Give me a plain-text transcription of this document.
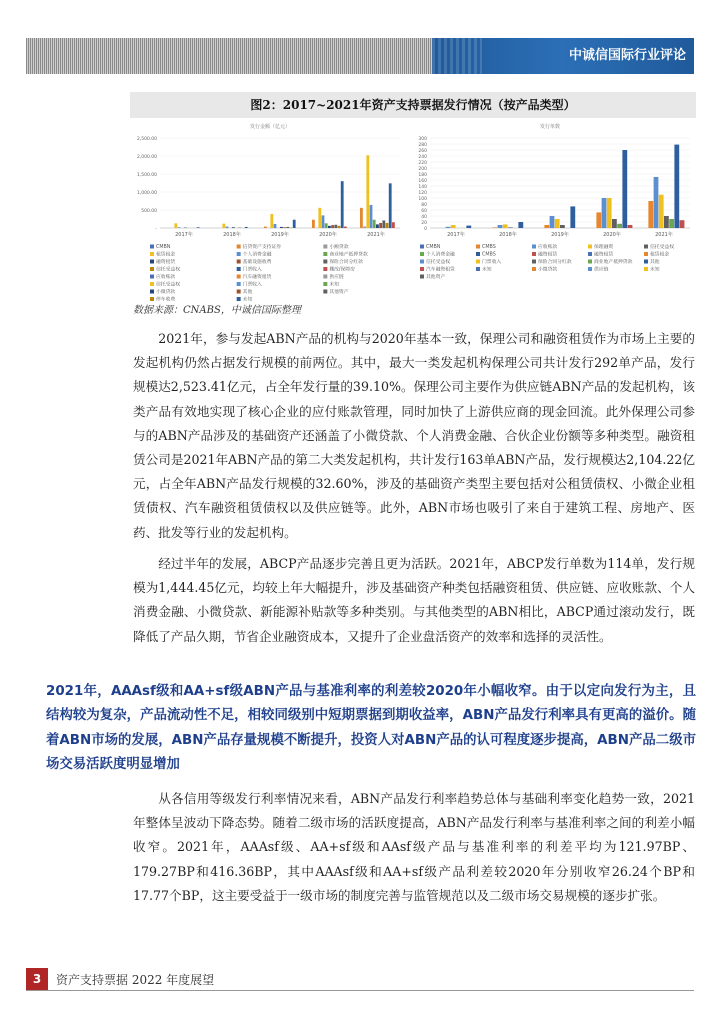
中诚信国际行业评论
图2：2017~2021年资产支持票据发行情况（按产品类型）
发行金额（亿元）
2,500.00
2,000.00
1,500.00
1,000.00
500.00
-
2017年	2018年	2019年	2020年	2021年
CMBN	信贷资产支持证券	小额贷款
租赁租金	个人消费金融	商业地产抵押贷款
融资租赁	基础设施收费	保险合同分红款
信托受益权	门票收入	棚改/保障房
应收账款	汽车融资租赁	供应链
信托受益权	门票收入	未知
小微贷款	其他	其他资产
停车收费	未知
发行单数
300
280
260
240
220
200
180
160
140
120
100
80
60
40
20
0
2017年	2018年	2019年	2020年	2021年
CMBN	CMBS	应收账款	保理融资	信托受益权
个人消费金融	CMBS	融资租赁	融资租赁	租赁租金
信托受益权	门票收入	保险合同分红款	商业地产抵押贷款	其他
汽车融资租赁	未知	小微贷款	供应链	未知
其他资产
数据来源：CNABS，中诚信国际整理

2021年，参与发起ABN产品的机构与2020年基本一致，保理公司和融资租赁作为市场上主要的发起机构仍然占据发行规模的前两位。其中，最大一类发起机构保理公司共计发行292单产品，发行规模达2,523.41亿元，占全年发行量的39.10%。保理公司主要作为供应链ABN产品的发起机构，该类产品有效地实现了核心企业的应付账款管理，同时加快了上游供应商的现金回流。此外保理公司参与的ABN产品涉及的基础资产还涵盖了小微贷款、个人消费金融、合伙企业份额等多种类型。融资租赁公司是2021年ABN产品的第二大类发起机构，共计发行163单ABN产品，发行规模达2,104.22亿元，占全年ABN产品发行规模的32.60%，涉及的基础资产类型主要包括对公租赁债权、小微企业租赁债权、汽车融资租赁债权以及供应链等。此外，ABN市场也吸引了来自于建筑工程、房地产、医药、批发等行业的发起机构。

经过半年的发展，ABCP产品逐步完善且更为活跃。2021年，ABCP发行单数为114单，发行规模为1,444.45亿元，均较上年大幅提升，涉及基础资产种类包括融资租赁、供应链、应收账款、个人消费金融、小微贷款、新能源补贴款等多种类别。与其他类型的ABN相比，ABCP通过滚动发行，既降低了产品久期，节省企业融资成本，又提升了企业盘活资产的效率和选择的灵活性。

2021年，AAAsf级和AA+sf级ABN产品与基准利率的利差较2020年小幅收窄。由于以定向发行为主，且结构较为复杂，产品流动性不足，相较同级别中短期票据到期收益率，ABN产品发行利率具有更高的溢价。随着ABN市场的发展，ABN产品存量规模不断提升，投资人对ABN产品的认可程度逐步提高，ABN产品二级市场交易活跃度明显增加

从各信用等级发行利率情况来看，ABN产品发行利率趋势总体与基础利率变化趋势一致，2021年整体呈波动下降态势。随着二级市场的活跃度提高，ABN产品发行利率与基准利率之间的利差小幅收窄。2021年，AAAsf级、AA+sf级和AAsf级产品与基准利率的利差平均为121.97BP、179.27BP和416.36BP，其中AAAsf级和AA+sf级产品利差较2020年分别收窄26.24个BP和17.77个BP，这主要受益于一级市场的制度完善与监管规范以及二级市场交易规模的逐步扩张。

3	资产支持票据 2022 年度展望
